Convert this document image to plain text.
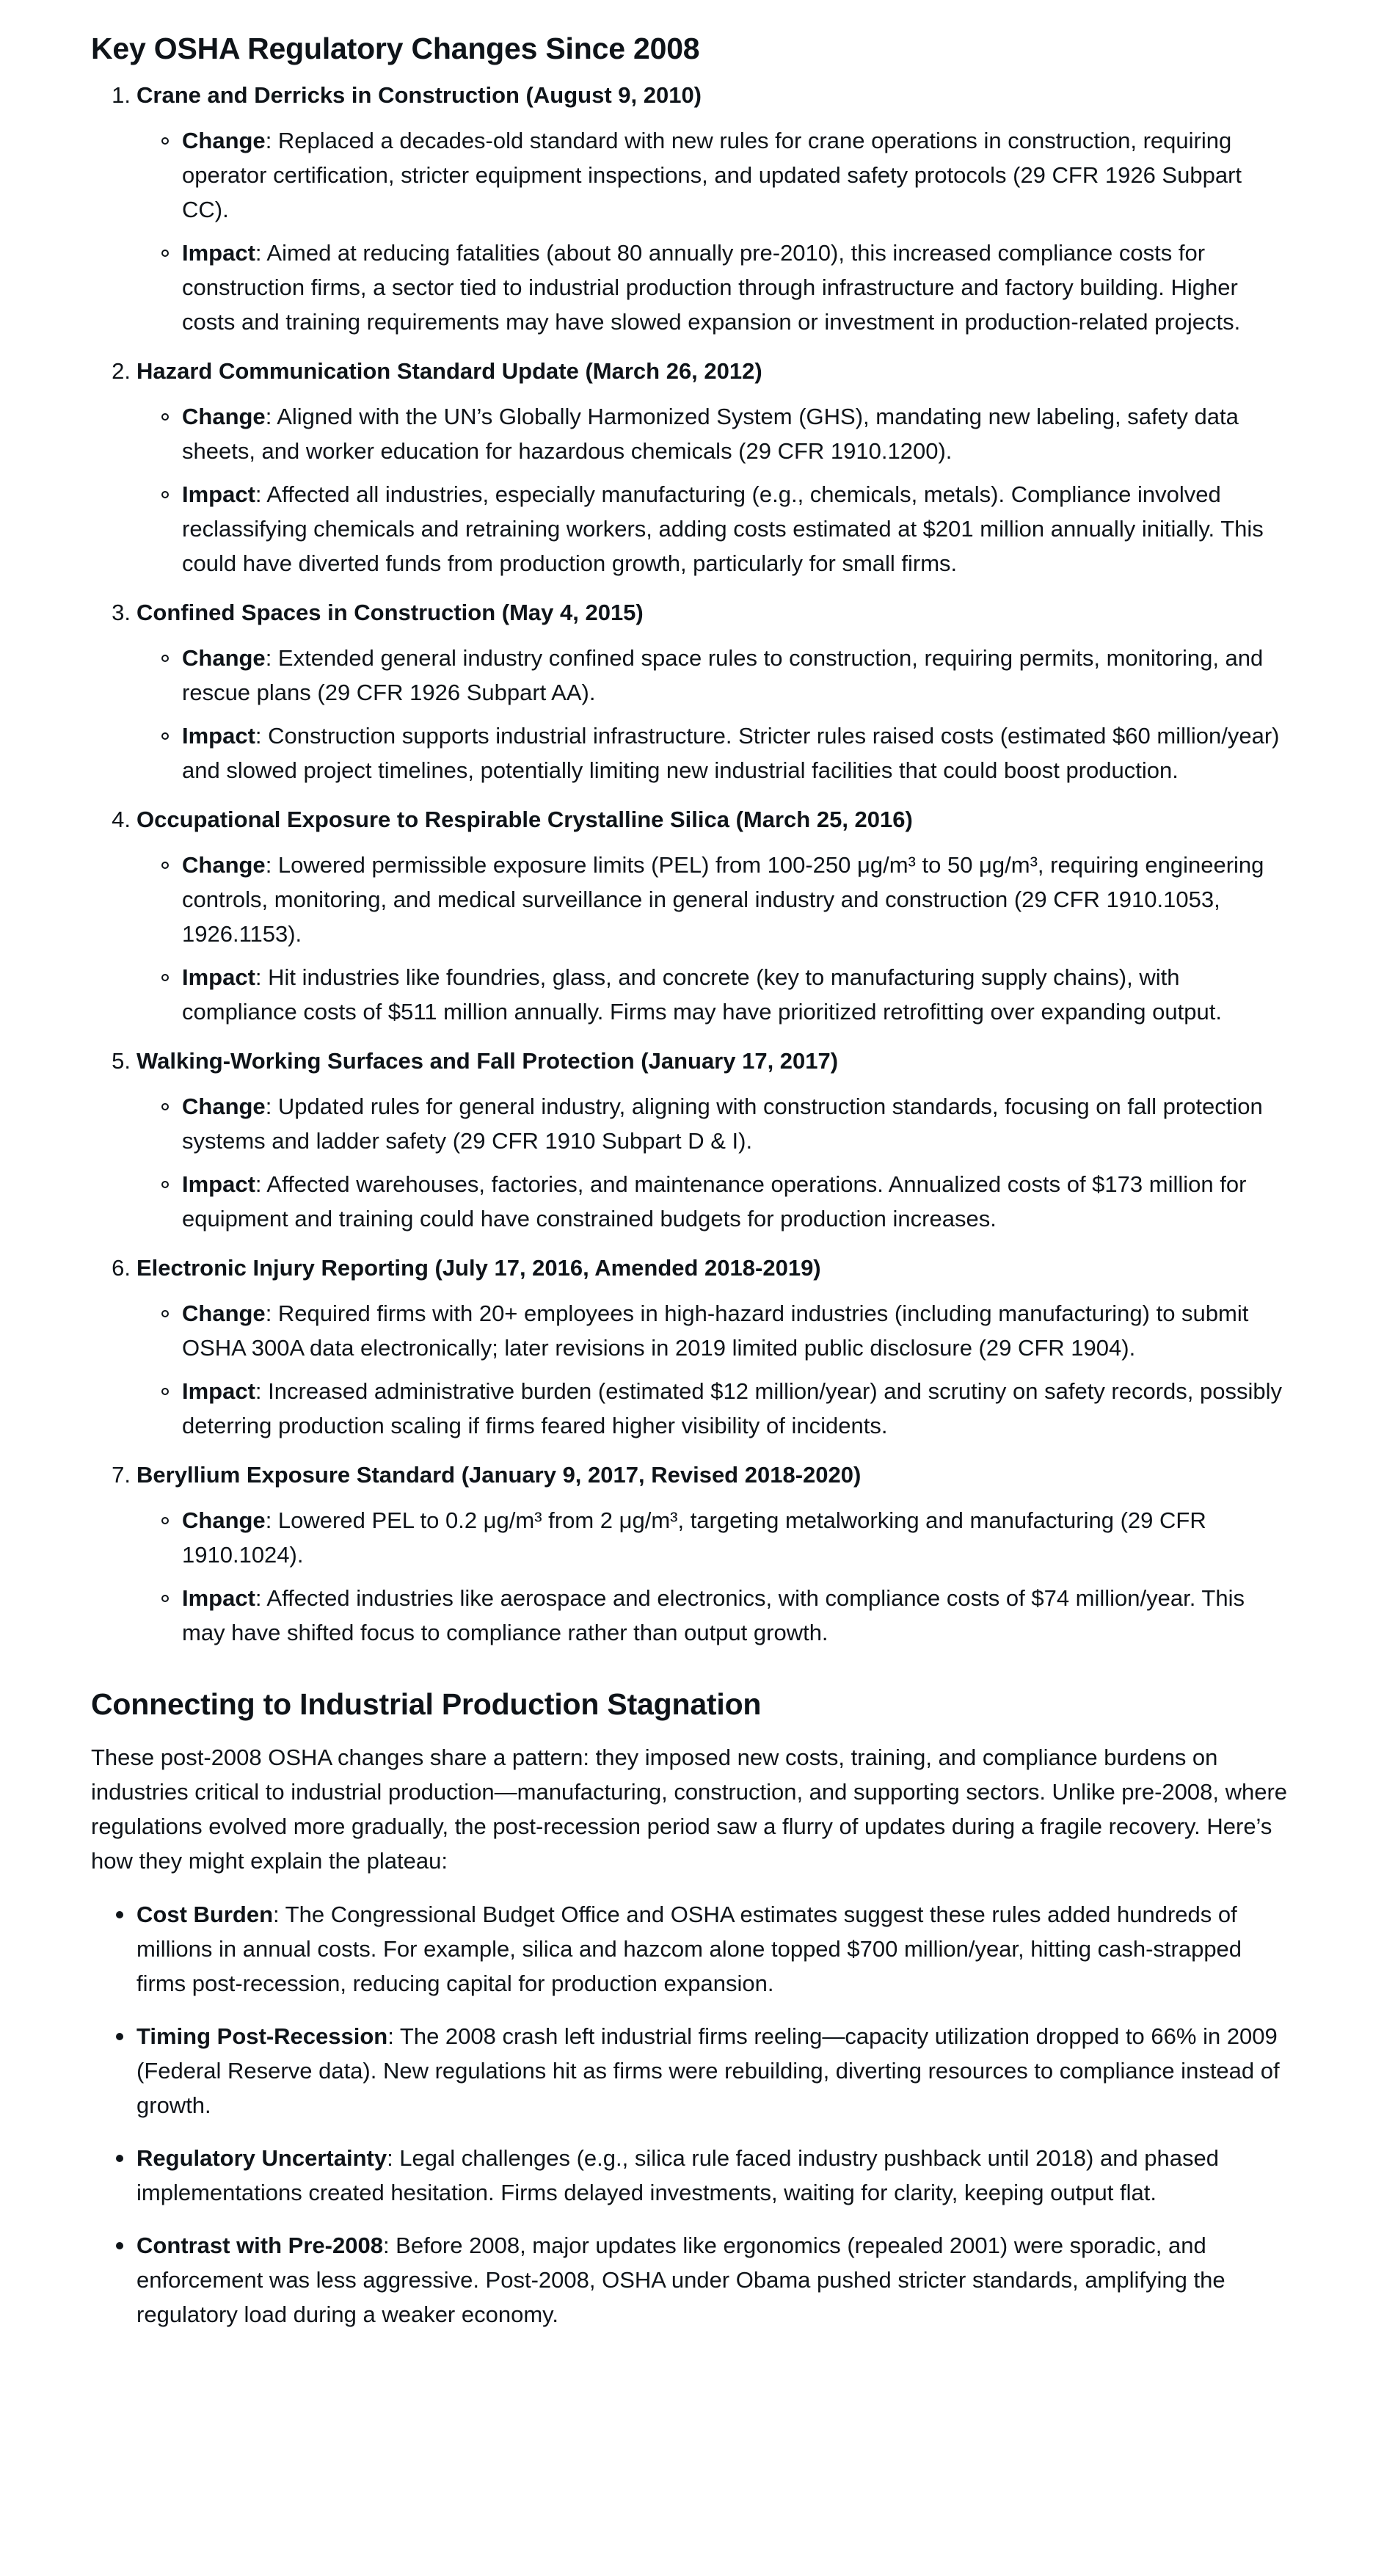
Key OSHA Regulatory Changes Since 2008
1. Crane and Derricks in Construction (August 9, 2010)
Change: Replaced a decades-old standard with new rules for crane operations in construction, requiring operator certification, stricter equipment inspections, and updated safety protocols (29 CFR 1926 Subpart CC).
Impact: Aimed at reducing fatalities (about 80 annually pre-2010), this increased compliance costs for construction firms, a sector tied to industrial production through infrastructure and factory building. Higher costs and training requirements may have slowed expansion or investment in production-related projects.
2. Hazard Communication Standard Update (March 26, 2012)
Change: Aligned with the UN’s Globally Harmonized System (GHS), mandating new labeling, safety data sheets, and worker education for hazardous chemicals (29 CFR 1910.1200).
Impact: Affected all industries, especially manufacturing (e.g., chemicals, metals). Compliance involved reclassifying chemicals and retraining workers, adding costs estimated at $201 million annually initially. This could have diverted funds from production growth, particularly for small firms.
3. Confined Spaces in Construction (May 4, 2015)
Change: Extended general industry confined space rules to construction, requiring permits, monitoring, and rescue plans (29 CFR 1926 Subpart AA).
Impact: Construction supports industrial infrastructure. Stricter rules raised costs (estimated $60 million/year) and slowed project timelines, potentially limiting new industrial facilities that could boost production.
4. Occupational Exposure to Respirable Crystalline Silica (March 25, 2016)
Change: Lowered permissible exposure limits (PEL) from 100-250 μg/m³ to 50 μg/m³, requiring engineering controls, monitoring, and medical surveillance in general industry and construction (29 CFR 1910.1053, 1926.1153).
Impact: Hit industries like foundries, glass, and concrete (key to manufacturing supply chains), with compliance costs of $511 million annually. Firms may have prioritized retrofitting over expanding output.
5. Walking-Working Surfaces and Fall Protection (January 17, 2017)
Change: Updated rules for general industry, aligning with construction standards, focusing on fall protection systems and ladder safety (29 CFR 1910 Subpart D & I).
Impact: Affected warehouses, factories, and maintenance operations. Annualized costs of $173 million for equipment and training could have constrained budgets for production increases.
6. Electronic Injury Reporting (July 17, 2016, Amended 2018-2019)
Change: Required firms with 20+ employees in high-hazard industries (including manufacturing) to submit OSHA 300A data electronically; later revisions in 2019 limited public disclosure (29 CFR 1904).
Impact: Increased administrative burden (estimated $12 million/year) and scrutiny on safety records, possibly deterring production scaling if firms feared higher visibility of incidents.
7. Beryllium Exposure Standard (January 9, 2017, Revised 2018-2020)
Change: Lowered PEL to 0.2 μg/m³ from 2 μg/m³, targeting metalworking and manufacturing (29 CFR 1910.1024).
Impact: Affected industries like aerospace and electronics, with compliance costs of $74 million/year. This may have shifted focus to compliance rather than output growth.
Connecting to Industrial Production Stagnation

These post-2008 OSHA changes share a pattern: they imposed new costs, training, and compliance burdens on industries critical to industrial production—manufacturing, construction, and supporting sectors. Unlike pre-2008, where regulations evolved more gradually, the post-recession period saw a flurry of updates during a fragile recovery. Here’s how they might explain the plateau:

Cost Burden: The Congressional Budget Office and OSHA estimates suggest these rules added hundreds of millions in annual costs. For example, silica and hazcom alone topped $700 million/year, hitting cash-strapped firms post-recession, reducing capital for production expansion.
Timing Post-Recession: The 2008 crash left industrial firms reeling—capacity utilization dropped to 66% in 2009 (Federal Reserve data). New regulations hit as firms were rebuilding, diverting resources to compliance instead of growth.
Regulatory Uncertainty: Legal challenges (e.g., silica rule faced industry pushback until 2018) and phased implementations created hesitation. Firms delayed investments, waiting for clarity, keeping output flat.
Contrast with Pre-2008: Before 2008, major updates like ergonomics (repealed 2001) were sporadic, and enforcement was less aggressive. Post-2008, OSHA under Obama pushed stricter standards, amplifying the regulatory load during a weaker economy.
